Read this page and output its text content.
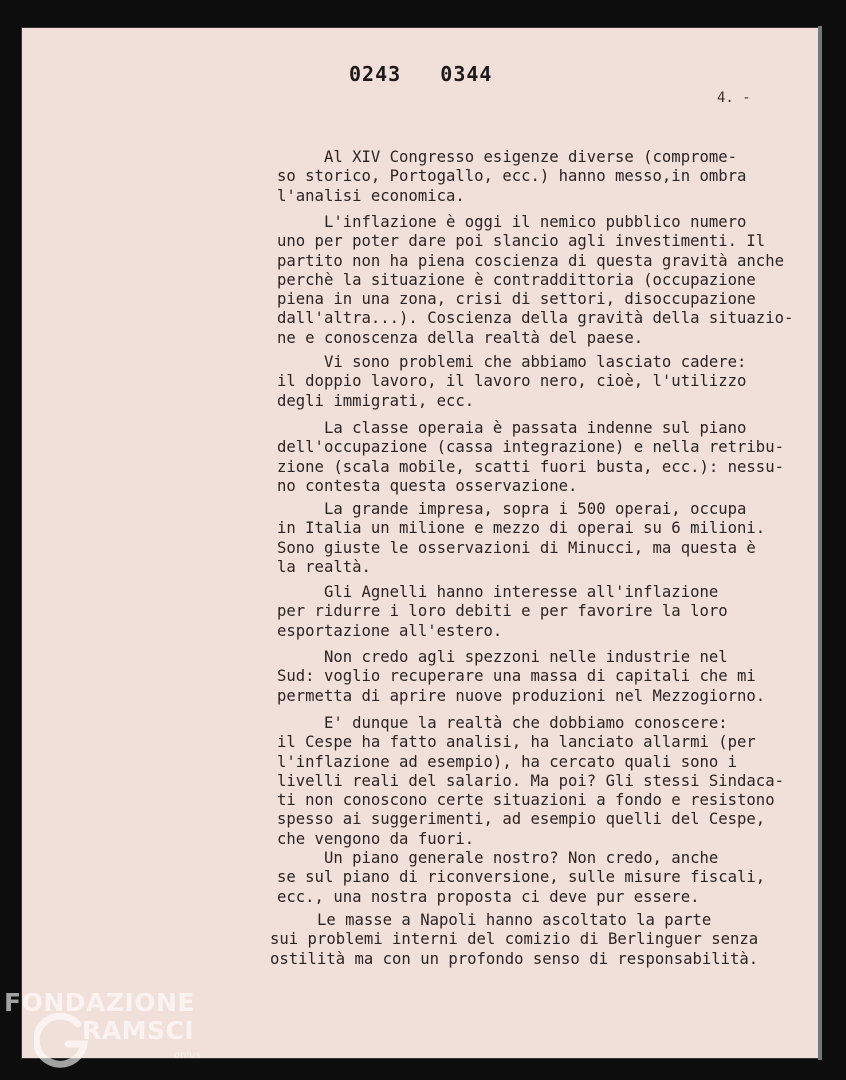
0243   0344
4. -
Al XIV Congresso esigenze diverse (comprome-
so storico, Portogallo, ecc.) hanno messo,in ombra
l'analisi economica.
L'inflazione è oggi il nemico pubblico numero
uno per poter dare poi slancio agli investimenti. Il
partito non ha piena coscienza di questa gravità anche
perchè la situazione è contraddittoria (occupazione
piena in una zona, crisi di settori, disoccupazione
dall'altra...). Coscienza della gravità della situazio-
ne e conoscenza della realtà del paese.
Vi sono problemi che abbiamo lasciato cadere:
il doppio lavoro, il lavoro nero, cioè, l'utilizzo
degli immigrati, ecc.
La classe operaia è passata indenne sul piano
dell'occupazione (cassa integrazione) e nella retribu-
zione (scala mobile, scatti fuori busta, ecc.): nessu-
no contesta questa osservazione.
La grande impresa, sopra i 500 operai, occupa
in Italia un milione e mezzo di operai su 6 milioni.
Sono giuste le osservazioni di Minucci, ma questa è
la realtà.
Gli Agnelli hanno interesse all'inflazione
per ridurre i loro debiti e per favorire la loro
esportazione all'estero.
Non credo agli spezzoni nelle industrie nel
Sud: voglio recuperare una massa di capitali che mi
permetta di aprire nuove produzioni nel Mezzogiorno.
E' dunque la realtà che dobbiamo conoscere:
il Cespe ha fatto analisi, ha lanciato allarmi (per
l'inflazione ad esempio), ha cercato quali sono i
livelli reali del salario. Ma poi? Gli stessi Sindaca-
ti non conoscono certe situazioni a fondo e resistono
spesso ai suggerimenti, ad esempio quelli del Cespe,
che vengono da fuori.
Un piano generale nostro? Non credo, anche
se sul piano di riconversione, sulle misure fiscali,
ecc., una nostra proposta ci deve pur essere.
Le masse a Napoli hanno ascoltato la parte
sui problemi interni del comizio di Berlinguer senza
ostilità ma con un profondo senso di responsabilità.
FONDAZIONE
RAMSCI
onlus
